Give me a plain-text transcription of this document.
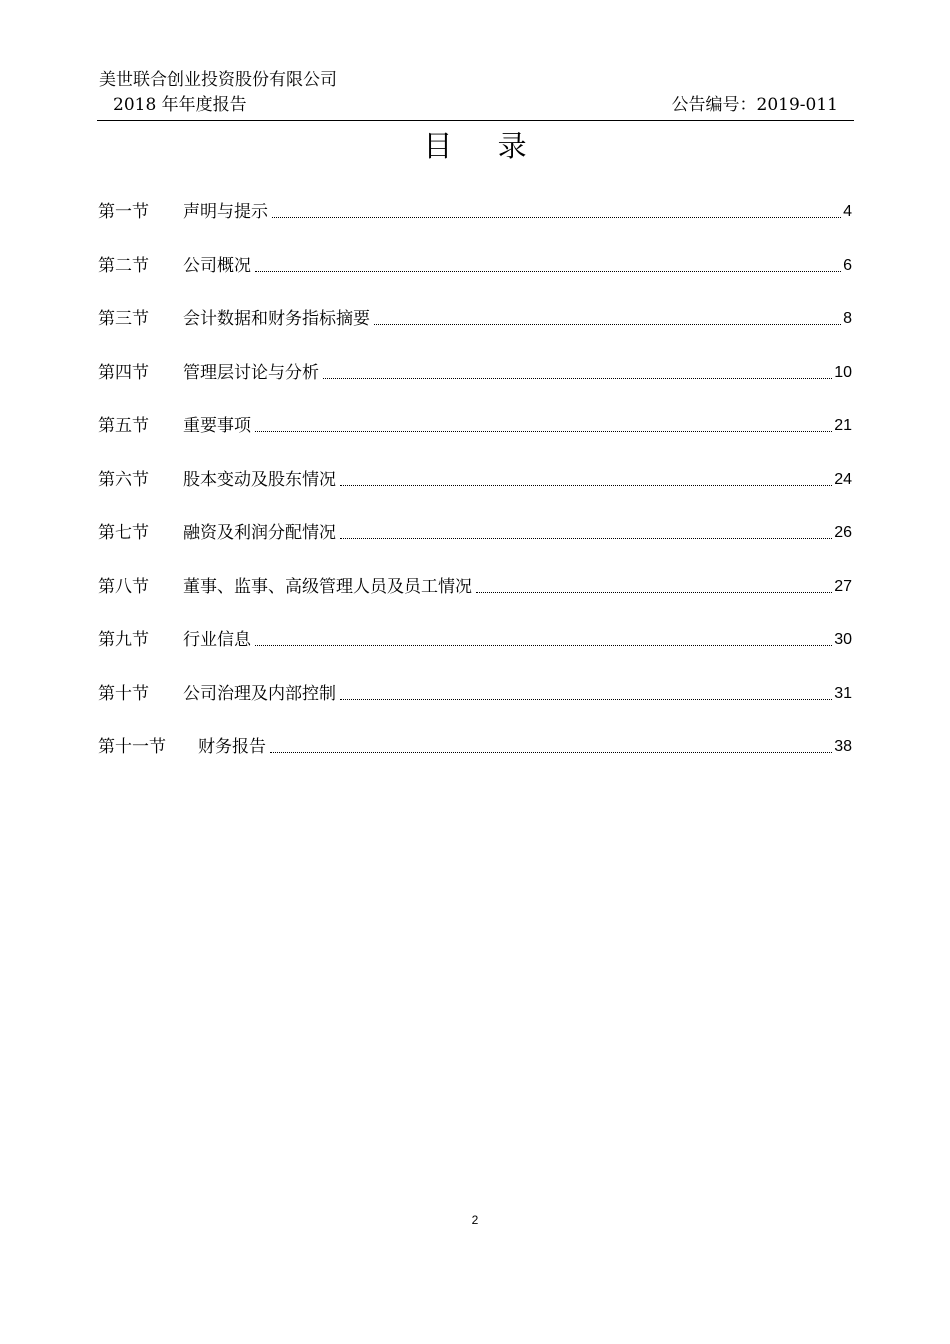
美世联合创业投资股份有限公司
2018 年年度报告	公告编号：2019-011
目 录
第一节	声明与提示	4
第二节	公司概况	6
第三节	会计数据和财务指标摘要	8
第四节	管理层讨论与分析	10
第五节	重要事项	21
第六节	股本变动及股东情况	24
第七节	融资及利润分配情况	26
第八节	董事、监事、高级管理人员及员工情况	27
第九节	行业信息	30
第十节	公司治理及内部控制	31
第十一节	财务报告	38
2
